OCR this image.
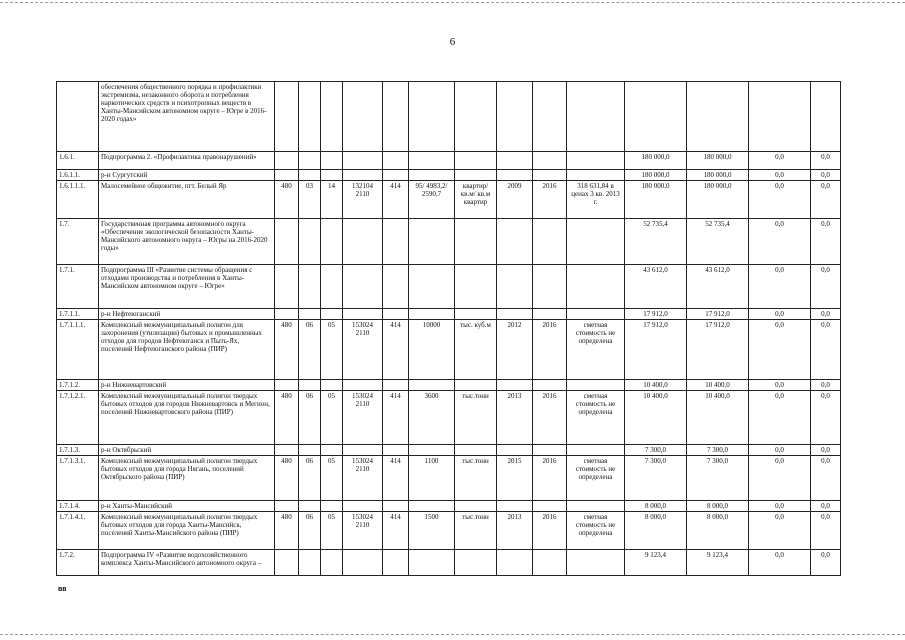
6
	обеспечения общественного порядка и профилактики экстремизма, незаконного оборота и потребления наркотических средств и психотропных веществ в Ханты-Мансийском автономном округе – Югре в 2016-2020 годах»														
1.6.1.	Подпрограмма 2. «Профилактика правонарушений»											180 000,0	180 000,0	0,0	0,0
1.6.1.1.	р-н Сургутский											180 000,0	180 000,0	0,0	0,0
1.6.1.1.1.	Малосемейное общежитие, пгт. Белый Яр	480	03	14	132104 2110	414	95/ 4983,2/ 2590,7	квартир/ кв.м/ кв.м квартир	2009	2016	318 631,84 в ценах 3 кв. 2013 г.	180 000,0	180 000,0	0,0	0,0
1.7.	Государственная программа автономного округа «Обеспечение экологической безопасности Ханты-Мансийского автономного округа – Югры на 2016-2020 годы»											52 735,4	52 735,4	0,0	0,0
1.7.1.	Подпрограмма III «Развитие системы обращения с отходами производства и потребления в Ханты-Мансийском автономном округе – Югре»											43 612,0	43 612,0	0,0	0,0
1.7.1.1.	р-н Нефтеюганский											17 912,0	17 912,0	0,0	0,0
1.7.1.1.1.	Комплексный межмуниципальный полигон для захоронения (утилизации) бытовых и промышленных отходов для городов Нефтеюганск и Пыть-Ях, поселений Нефтеюганского района (ПИР)	480	06	05	153024 2110	414	10000	тыс. куб.м	2012	2016	сметная стоимость не определена	17 912,0	17 912,0	0,0	0,0
1.7.1.2.	р-н Нижневартовский											10 400,0	10 400,0	0,0	0,0
1.7.1.2.1.	Комплексный межмуниципальный полигон твердых бытовых отходов для городов Нижневартовск и Мегион, поселений Нижневартовского района (ПИР)	480	06	05	153024 2110	414	3600	тыс.тонн	2013	2016	сметная стоимость не определена	10 400,0	10 400,0	0,0	0,0
1.7.1.3.	р-н Октябрьский											7 300,0	7 300,0	0,0	0,0
1.7.1.3.1.	Комплексный межмуниципальный полигон твердых бытовых отходов для города Нягань, поселений Октябрьского района (ПИР)	480	06	05	153024 2110	414	1100	тыс.тонн	2015	2016	сметная стоимость не определена	7 300,0	7 300,0	0,0	0,0
1.7.1.4.	р-н Ханты-Мансийский											8 000,0	8 000,0	0,0	0,0
1.7.1.4.1.	Комплексный межмуниципальный полигон твердых бытовых отходов для города Ханты-Мансийск, поселений Ханты-Мансийского района (ПИР)	480	06	05	153024 2110	414	1500	тыс.тонн	2013	2016	сметная стоимость не определена	8 000,0	8 000,0	0,0	0,0
1.7.2.	Подпрограмма IV «Развитие водохозяйственного комплекса Ханты-Мансийского автономного округа –											9 123,4	9 123,4	0,0	0,0
вв
